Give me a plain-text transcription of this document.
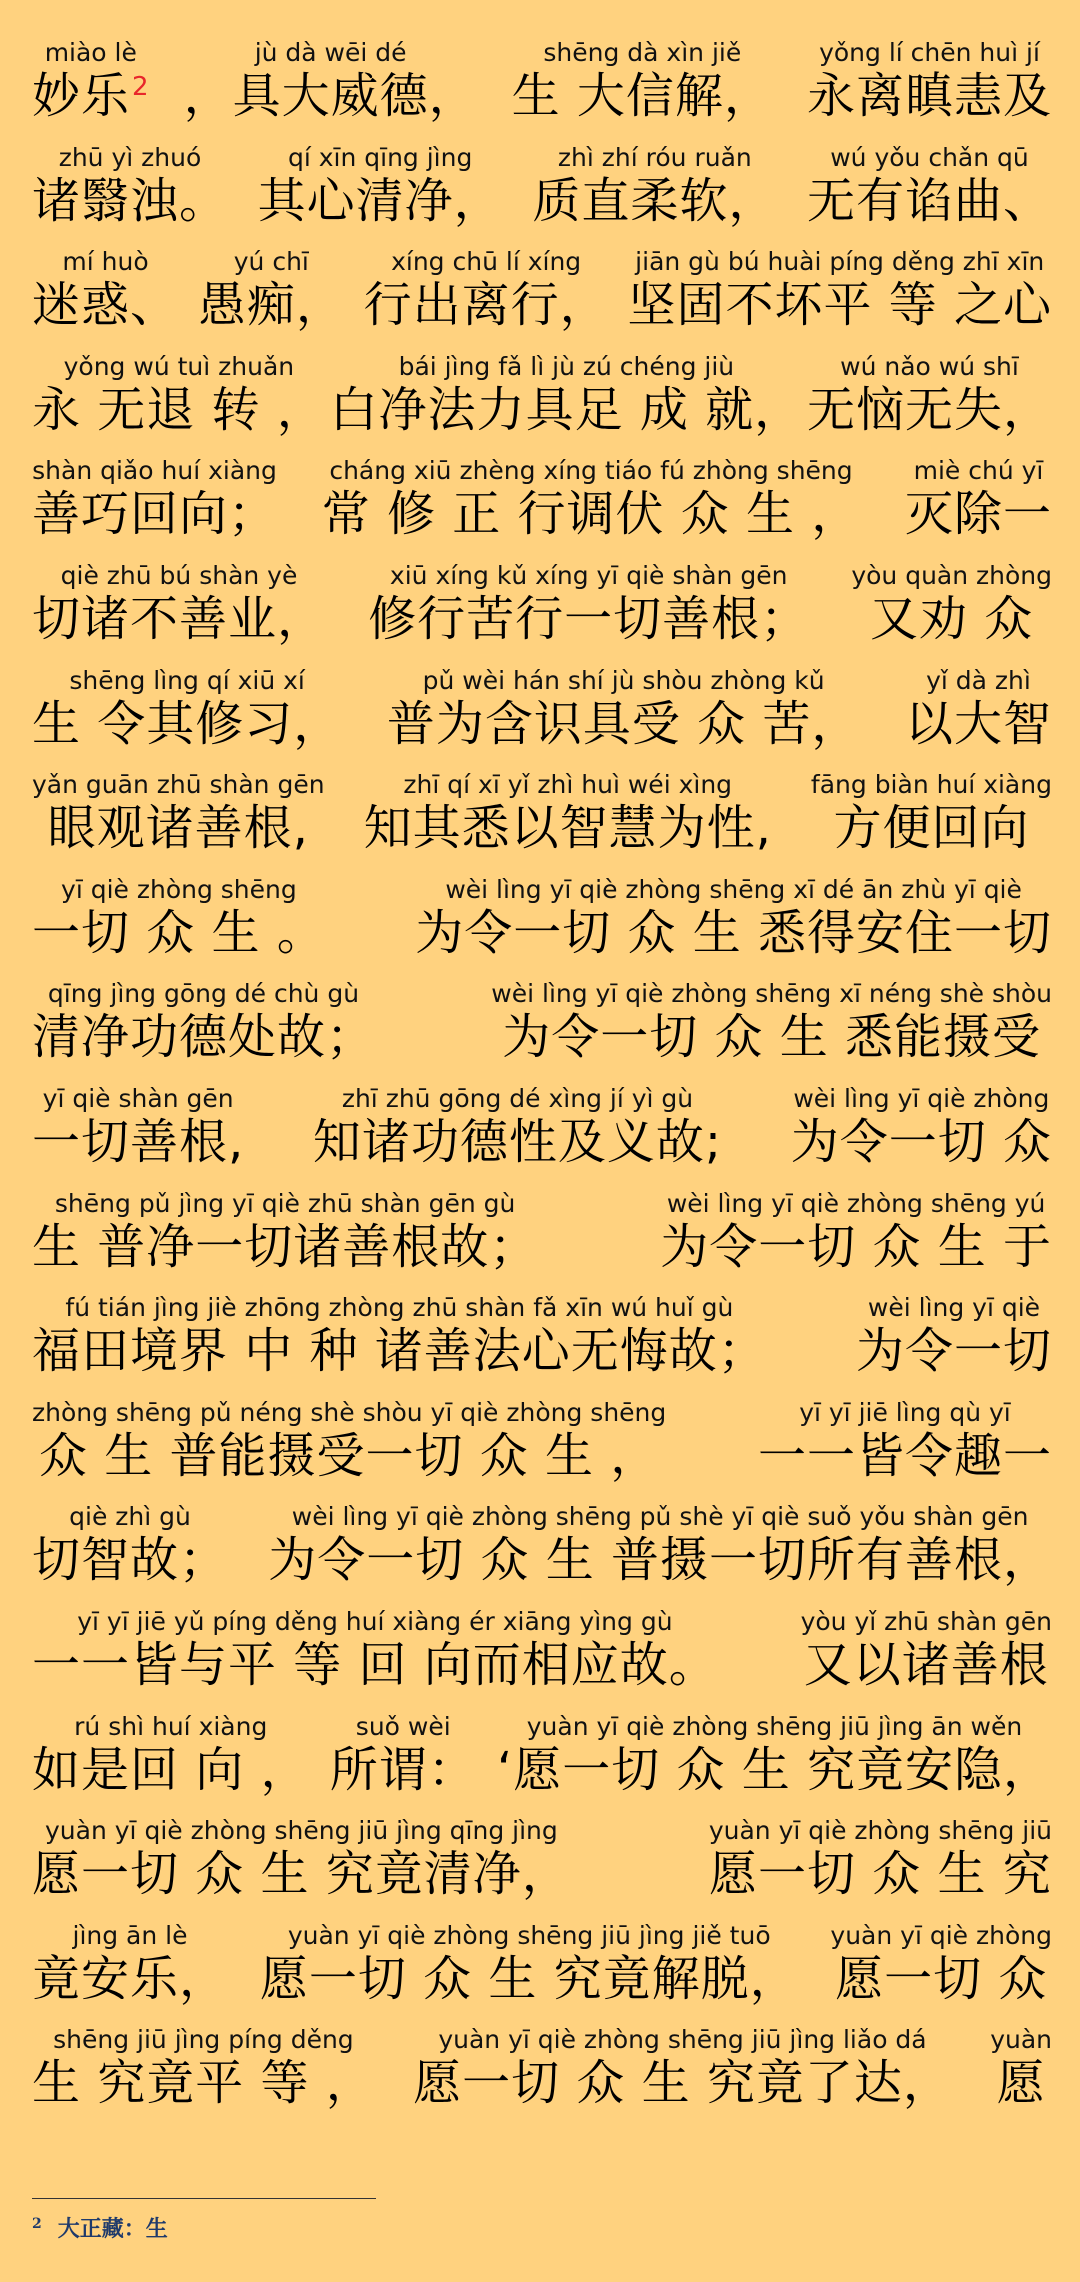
miào lè
妙乐$^2$
jù dà wēi dé
，具大威德，
shēng dà xìn jiě
生 大信解，
yǒng lí chēn huì jí
永离瞋恚及
zhū yì zhuó
诸翳浊。
qí xīn qīng jìng
其心清净，
zhì zhí róu ruǎn
质直柔软，
wú yǒu chǎn qū
无有谄曲、
mí huò
迷惑、
yú chī
愚痴，
xíng chū lí xíng
行出离行，
jiān gù bú huài píng děng zhī xīn
坚固不坏平 等 之心
yǒng wú tuì zhuǎn
永 无退 转 ，
bái jìng fǎ lì jù zú chéng jiù
白净法力具足 成 就，
wú nǎo wú shī
无恼无失，
shàn qiǎo huí xiàng
善巧回向；
cháng xiū zhèng xíng tiáo fú zhòng shēng
常 修 正 行调伏 众 生 ，
miè chú yī
灭除一
qiè zhū bú shàn yè
切诸不善业，
xiū xíng kǔ xíng yī qiè shàn gēn
修行苦行一切善根；
yòu quàn zhòng
又劝 众
shēng lìng qí xiū xí
生 令其修习，
pǔ wèi hán shí jù shòu zhòng kǔ
普为含识具受 众 苦，
yǐ dà zhì
以大智
yǎn guān zhū shàn gēn
眼观诸善根,
zhī qí xī yǐ zhì huì wéi xìng
知其悉以智慧为性,
fāng biàn huí xiàng
方便回向
yī qiè zhòng shēng
一切 众 生 。
wèi lìng yī qiè zhòng shēng xī dé ān zhù yī qiè
为令一切 众 生 悉得安住一切
qīng jìng gōng dé chù gù
清净功德处故；
wèi lìng yī qiè zhòng shēng xī néng shè shòu
为令一切 众 生 悉能摄受
yī qiè shàn gēn
一切善根,
zhī zhū gōng dé xìng jí yì gù
知诸功德性及义故;
wèi lìng yī qiè zhòng
为令一切 众
shēng pǔ jìng yī qiè zhū shàn gēn gù
生 普净一切诸善根故；
wèi lìng yī qiè zhòng shēng yú
为令一切 众 生 于
fú tián jìng jiè zhōng zhòng zhū shàn fǎ xīn wú huǐ gù
福田境界 中 种 诸善法心无悔故；
wèi lìng yī qiè
为令一切
zhòng shēng pǔ néng shè shòu yī qiè zhòng shēng
众 生 普能摄受一切 众 生 ，
yī yī jiē lìng qù yī
一一皆令趣一
qiè zhì gù
切智故；
wèi lìng yī qiè zhòng shēng pǔ shè yī qiè suǒ yǒu shàn gēn
为令一切 众 生 普摄一切所有善根，
yī yī jiē yǔ píng děng huí xiàng ér xiāng yìng gù
一一皆与平 等 回 向而相应故。
yòu yǐ zhū shàn gēn
又以诸善根
rú shì huí xiàng
如是回 向 ，
suǒ wèi
所谓：
yuàn yī qiè zhòng shēng jiū jìng ān wěn
‘愿一切 众 生 究竟安隐，
yuàn yī qiè zhòng shēng jiū jìng qīng jìng
愿一切 众 生 究竟清净，
yuàn yī qiè zhòng shēng jiū
愿一切 众 生 究
jìng ān lè
竟安乐，
yuàn yī qiè zhòng shēng jiū jìng jiě tuō
愿一切 众 生 究竟解脱，
yuàn yī qiè zhòng
愿一切 众
shēng jiū jìng píng děng
生 究竟平 等 ，
yuàn yī qiè zhòng shēng jiū jìng liǎo dá
愿一切 众 生 究竟了达，
yuàn
愿
$^2$ 大正藏：生
